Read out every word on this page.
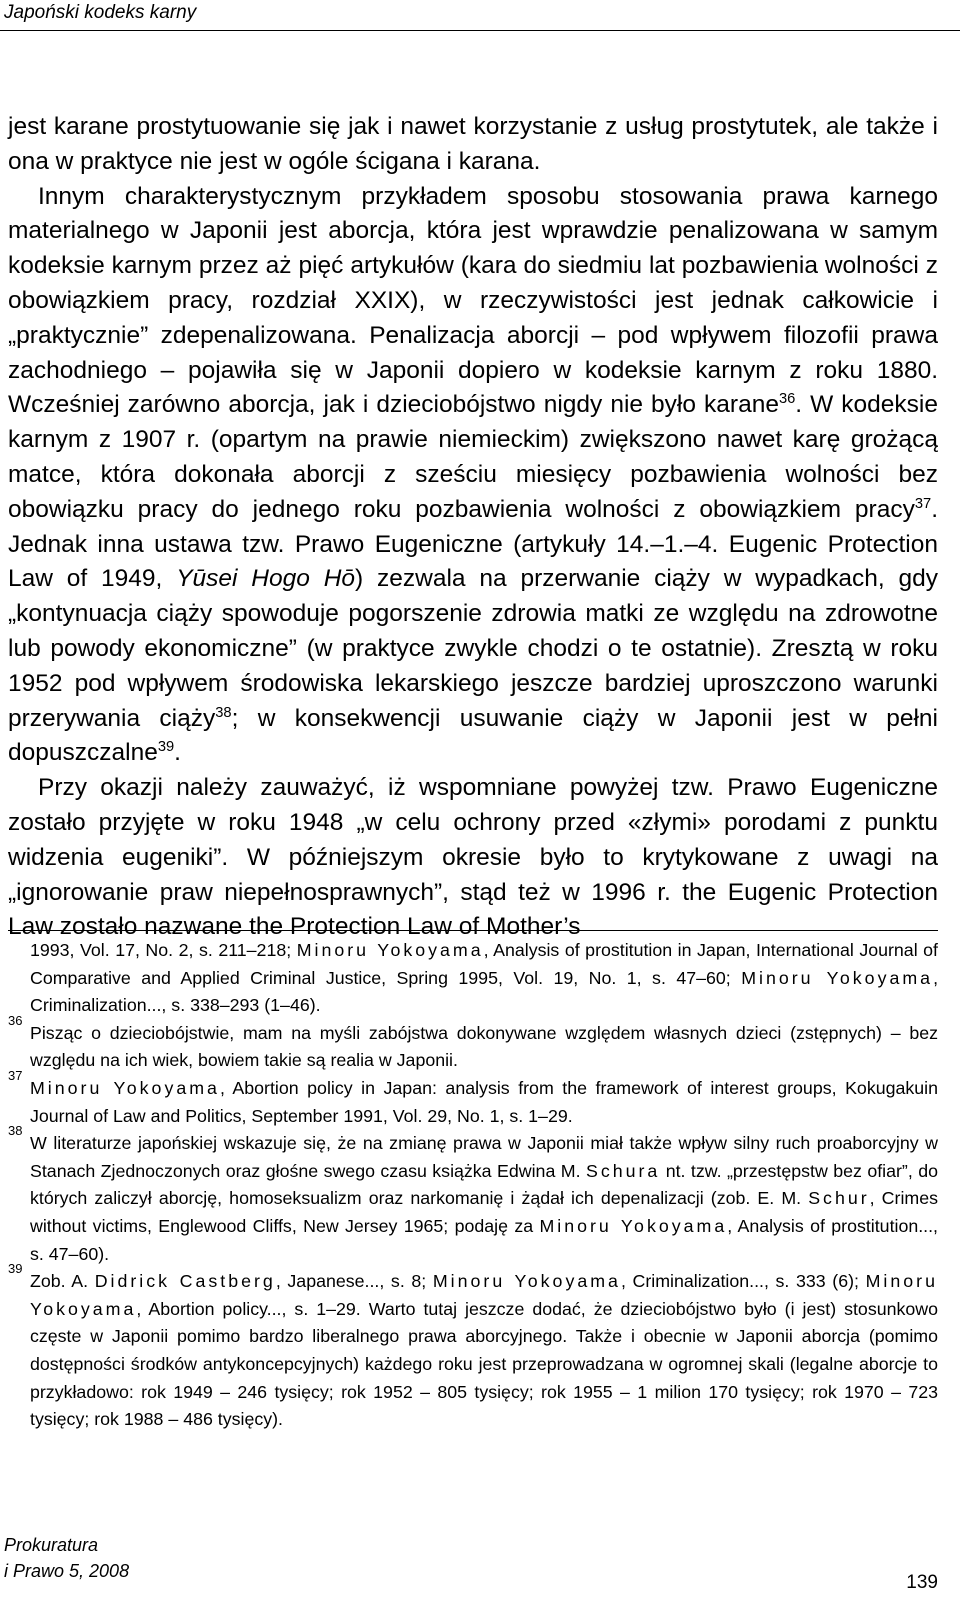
Japoński kodeks karny

jest karane prostytuowanie się jak i nawet korzystanie z usług prostytutek, ale także i ona w praktyce nie jest w ogóle ścigana i karana.

Innym charakterystycznym przykładem sposobu stosowania prawa karnego materialnego w Japonii jest aborcja, która jest wprawdzie penalizowana w samym kodeksie karnym przez aż pięć artykułów (kara do siedmiu lat pozbawienia wolności z obowiązkiem pracy, rozdział XXIX), w rzeczywistości jest jednak całkowicie i „praktycznie” zdepenalizowana. Penalizacja aborcji – pod wpływem filozofii prawa zachodniego – pojawiła się w Japonii dopiero w kodeksie karnym z roku 1880. Wcześniej zarówno aborcja, jak i dzieciobójstwo nigdy nie było karane$^{36}$. W kodeksie karnym z 1907 r. (opartym na prawie niemieckim) zwiększono nawet karę grożącą matce, która dokonała aborcji z sześciu miesięcy pozbawienia wolności bez obowiązku pracy do jednego roku pozbawienia wolności z obowiązkiem pracy$^{37}$. Jednak inna ustawa tzw. Prawo Eugeniczne (artykuły 14.–1.–4. Eugenic Protection Law of 1949, Yūsei Hogo Hō) zezwala na przerwanie ciąży w wypadkach, gdy „kontynuacja ciąży spowoduje pogorszenie zdrowia matki ze względu na zdrowotne lub powody ekonomiczne” (w praktyce zwykle chodzi o te ostatnie). Zresztą w roku 1952 pod wpływem środowiska lekarskiego jeszcze bardziej uproszczono warunki przerywania ciąży$^{38}$; w konsekwencji usuwanie ciąży w Japonii jest w pełni dopuszczalne$^{39}$.

Przy okazji należy zauważyć, iż wspomniane powyżej tzw. Prawo Eugeniczne zostało przyjęte w roku 1948 „w celu ochrony przed «złymi» porodami z punktu widzenia eugeniki”. W późniejszym okresie było to krytykowane z uwagi na „ignorowanie praw niepełnosprawnych”, stąd też w 1996 r. the Eugenic Protection Law zostało nazwane the Protection Law of Mother’s

1993, Vol. 17, No. 2, s. 211–218; Minoru Yokoyama, Analysis of prostitution in Japan, International Journal of Comparative and Applied Criminal Justice, Spring 1995, Vol. 19, No. 1, s. 47–60; Minoru Yokoyama, Criminalization..., s. 338–293 (1–46).

36
Pisząc o dzieciobójstwie, mam na myśli zabójstwa dokonywane względem własnych dzieci (zstępnych) – bez względu na ich wiek, bowiem takie są realia w Japonii.

37
Minoru Yokoyama, Abortion policy in Japan: analysis from the framework of interest groups, Kokugakuin Journal of Law and Politics, September 1991, Vol. 29, No. 1, s. 1–29.

38
W literaturze japońskiej wskazuje się, że na zmianę prawa w Japonii miał także wpływ silny ruch proaborcyjny w Stanach Zjednoczonych oraz głośne swego czasu książka Edwina M. Schura nt. tzw. „przestępstw bez ofiar”, do których zaliczył aborcję, homoseksualizm oraz narkomanię i żądał ich depenalizacji (zob. E. M. Schur, Crimes without victims, Englewood Cliffs, New Jersey 1965; podaję za Minoru Yokoyama, Analysis of prostitution..., s. 47–60).

39
Zob. A. Didrick Castberg, Japanese..., s. 8; Minoru Yokoyama, Criminalization..., s. 333 (6); Minoru Yokoyama, Abortion policy..., s. 1–29. Warto tutaj jeszcze dodać, że dzieciobójstwo było (i jest) stosunkowo częste w Japonii pomimo bardzo liberalnego prawa aborcyjnego. Także i obecnie w Japonii aborcja (pomimo dostępności środków antykoncepcyjnych) każdego roku jest przeprowadzana w ogromnej skali (legalne aborcje to przykładowo: rok 1949 – 246 tysięcy; rok 1952 – 805 tysięcy; rok 1955 – 1 milion 170 tysięcy; rok 1970 – 723 tysięcy; rok 1988 – 486 tysięcy).

Prokuratura
i Prawo 5, 2008
139
